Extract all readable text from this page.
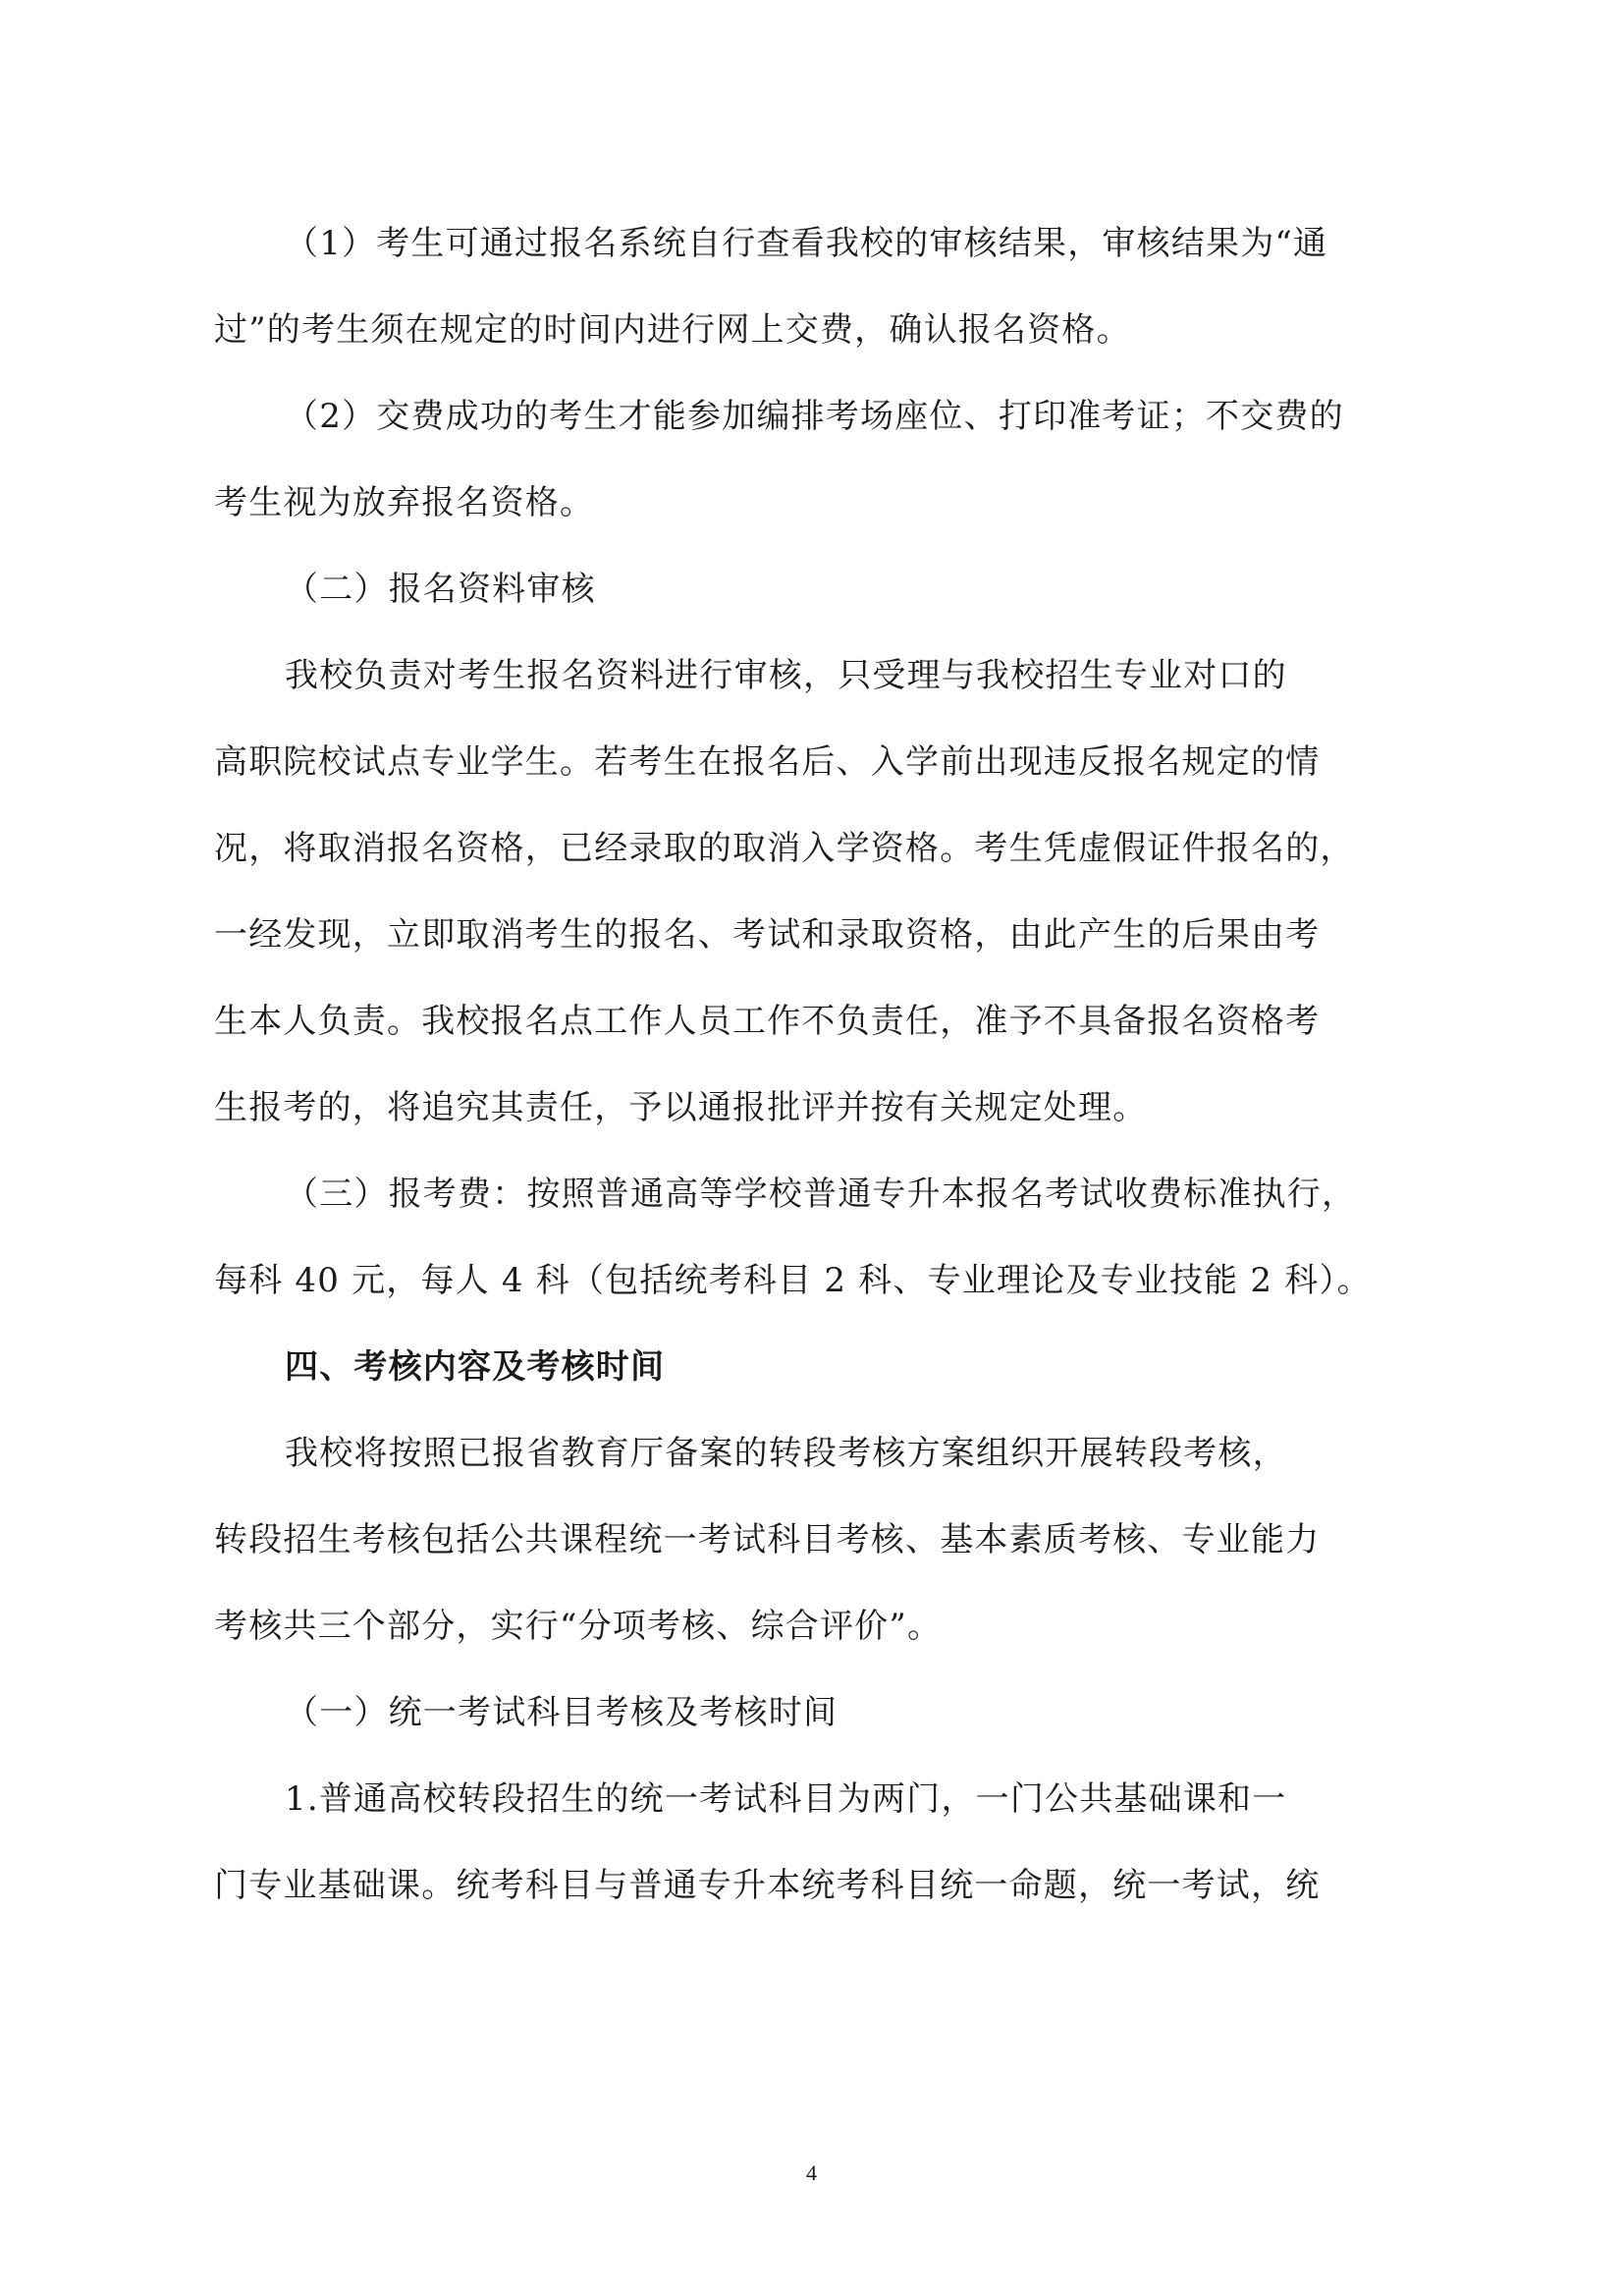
（1）考生可通过报名系统自行查看我校的审核结果，审核结果为“通
过”的考生须在规定的时间内进行网上交费，确认报名资格。
（2）交费成功的考生才能参加编排考场座位、打印准考证；不交费的
考生视为放弃报名资格。
（二）报名资料审核
我校负责对考生报名资料进行审核，只受理与我校招生专业对口的
高职院校试点专业学生。若考生在报名后、入学前出现违反报名规定的情
况，将取消报名资格，已经录取的取消入学资格。考生凭虚假证件报名的，
一经发现，立即取消考生的报名、考试和录取资格，由此产生的后果由考
生本人负责。我校报名点工作人员工作不负责任，准予不具备报名资格考
生报考的，将追究其责任，予以通报批评并按有关规定处理。
（三）报考费：按照普通高等学校普通专升本报名考试收费标准执行，
每科 40 元，每人 4 科（包括统考科目 2 科、专业理论及专业技能 2 科）。
四、考核内容及考核时间
我校将按照已报省教育厅备案的转段考核方案组织开展转段考核，
转段招生考核包括公共课程统一考试科目考核、基本素质考核、专业能力
考核共三个部分，实行“分项考核、综合评价”。
（一）统一考试科目考核及考核时间
1.普通高校转段招生的统一考试科目为两门，一门公共基础课和一
门专业基础课。统考科目与普通专升本统考科目统一命题，统一考试，统
4
